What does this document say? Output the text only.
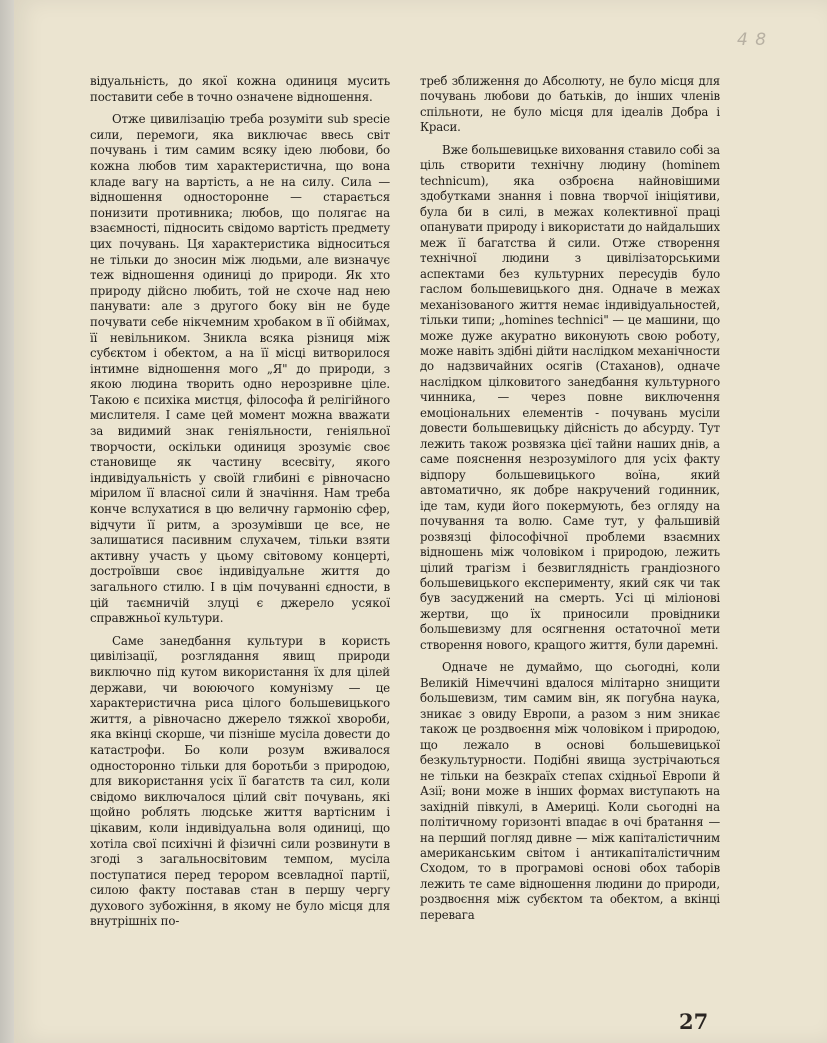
4 8

відуальність, до якої кожна одиниця мусить поставити себе в точно означене відношення.

Отже цивилізацію треба розуміти sub specie сили, перемоги, яка виключає ввесь світ почувань і тим самим всяку ідею любови, бо кожна любов тим характеристична, що вона кладе вагу на вартість, а не на силу. Сила — відношення односторонне — старається понизити противника; любов, що полягає на взаємності, підносить свідомо вартість предмету цих почувань. Ця характеристика відноситься не тільки до зносин між людьми, але визначує теж відношення одиниці до природи. Як хто природу дійсно любить, той не схоче над нею панувати: але з другого боку він не буде почувати себе нікчемним хробаком в її обіймах, її невільником. Зникла всяка різниця між субєктом і обектом, а на її місці витворилося інтимне відношення мого „Я" до природи, з якою людина творить одно нерозривне ціле. Такою є психіка мистця, філософа й релігійного мислителя. І саме цей момент можна вважати за видимий знак геніяльности, геніяльної творчости, оскільки одиниця зрозуміє своє становище як частину всесвіту, якого індивідуальність у своїй глибині є рівночасно мірилом її власної сили й значіння. Нам треба конче вслухатися в цю величну гармонію сфер, відчути її ритм, а зрозумівши це все, не залишатися пасивним слухачем, тільки взяти активну участь у цьому світовому концерті, достроївши своє індивідуальне життя до загального стилю. І в цім почуванні єдности, в цій таємничій злуці є джерело усякої справжньої культури.

Саме занедбання культури в користь цивілізації, розглядання явищ природи виключно під кутом використання їх для цілей держави, чи воюючого комунізму — це характеристична риса цілого большевицького життя, а рівночасно джерело тяжкої хвороби, яка вкінці скорше, чи пізніше мусіла довести до катастрофи. Бо коли розум вживалося односторонно тільки для боротьби з природою, для використання усіх її багатств та сил, коли свідомо виключалося цілий світ почувань, які щойно роблять людське життя вартісним і цікавим, коли індивідуальна воля одиниці, що хотіла свої психічні й фізичні сили розвинути в згоді з загальносвітовим темпом, мусіла поступатися перед терором всевладної партії, силою факту поставав стан в першу чергу духового зубожіння, в якому не було місця для внутрішніх по-

треб зближення до Абсолюту, не було місця для почувань любови до батьків, до інших членів спільноти, не було місця для ідеалів Добра і Краси.

Вже большевицьке виховання ставило собі за ціль створити технічну людину (hominem technicum), яка озброєна найновішими здобутками знання і повна творчої ініціятиви, була би в силі, в межах колективної праці опанувати природу і використати до найдальших меж її багатства й сили. Отже створення технічної людини з цивілізаторськими аспектами без культурних пересудів було гаслом большевицького дня. Одначе в межах механізованого життя немає індивідуальностей, тільки типи; „homines technici" — це машини, що може дуже акуратно виконують свою роботу, може навіть здібні дійти наслідком механічности до надзвичайних осягів (Стаханов), одначе наслідком цілковитого занедбання культурного чинника, — через повне виключення емоціональних елементів - почувань мусіли довести большевицьку дійсність до абсурду. Тут лежить також розвязка цієї тайни наших днів, а саме пояснення незрозумілого для усіх факту відпору большевицького воїна, який автоматично, як добре накручений годинник, іде там, куди його покермують, без огляду на почування та волю. Саме тут, у фальшивій розвязці філософічної проблеми взаємних відношень між чоловіком і природою, лежить цілий трагізм і безвиглядність грандіозного большевицького експерименту, який сяк чи так був засуджений на смерть. Усі ці міліонові жертви, що їх приносили провідники большевизму для осягнення остаточної мети створення нового, кращого життя, були даремні.

Одначе не думаймо, що сьогодні, коли Великій Німеччині вдалося мілітарно знищити большевизм, тим самим він, як погубна наука, зникає з овиду Европи, а разом з ним зникає також це роздвоєння між чоловіком і природою, що лежало в основі большевицької безкультурности. Подібні явища зустрічаються не тільки на безкраїх степах східньої Европи й Азії; вони може в інших формах виступають на західній півкулі, в Америці. Коли сьогодні на політичному горизонті впадає в очі братання — на перший погляд дивне — між капіталістичним американським світом і антикапіталістичним Сходом, то в програмові основі обох таборів лежить те саме відношення людини до природи, роздвоєння між субєктом та обектом, а вкінці перевага

27
